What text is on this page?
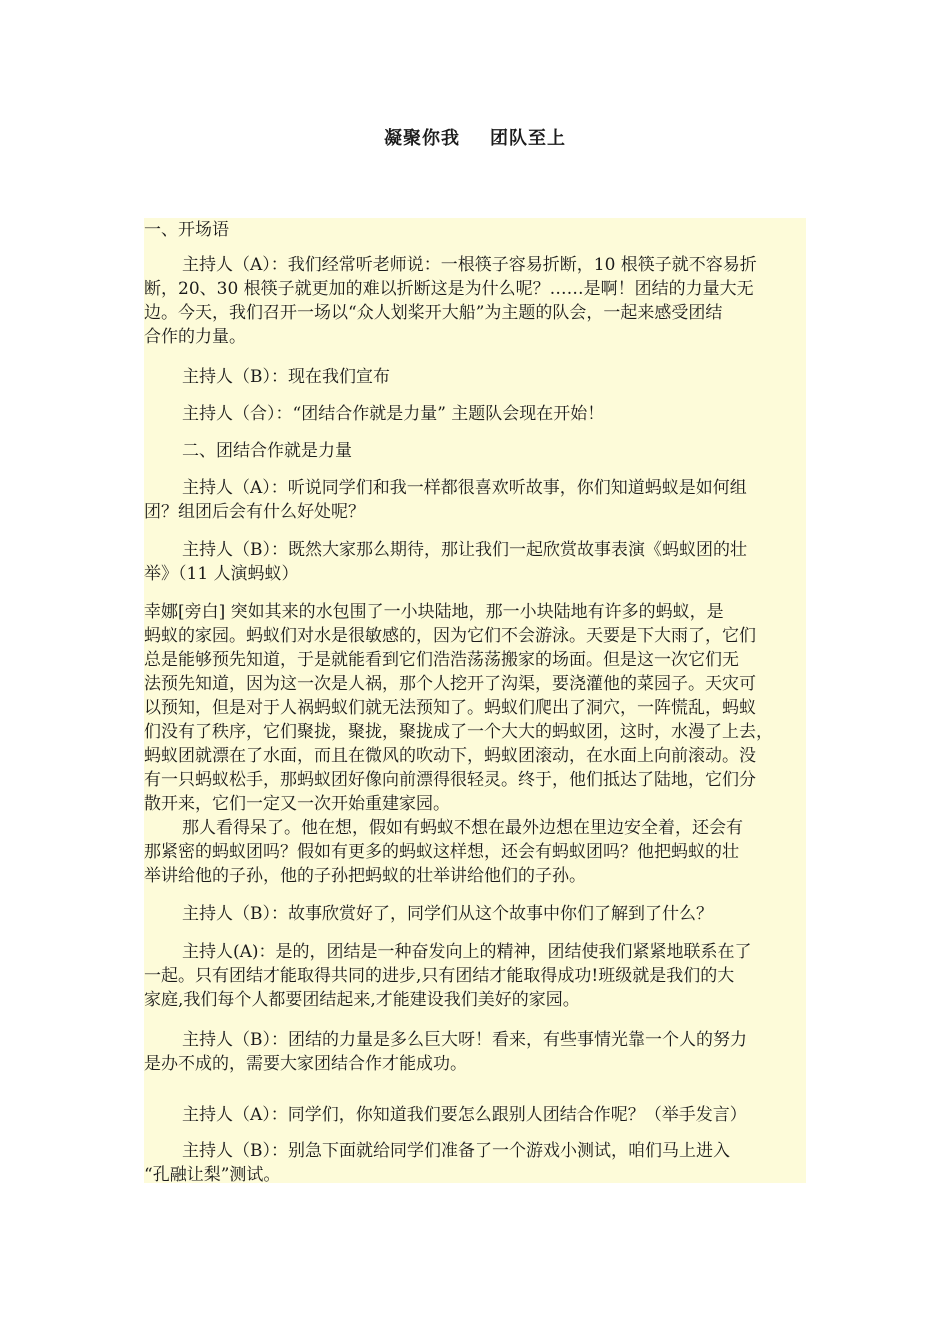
凝聚你我 团队至上
一、开场语
主持人（A）：我们经常听老师说：一根筷子容易折断，10 根筷子就不容易折
断，20、30 根筷子就更加的难以折断这是为什么呢？……是啊！团结的力量大无
边。今天，我们召开一场以“众人划桨开大船”为主题的队会，一起来感受团结
合作的力量。
主持人（B）：现在我们宣布
主持人（合）：“团结合作就是力量” 主题队会现在开始！
二、团结合作就是力量
主持人（A）：听说同学们和我一样都很喜欢听故事，你们知道蚂蚁是如何组
团？组团后会有什么好处呢？
主持人（B）：既然大家那么期待，那让我们一起欣赏故事表演《蚂蚁团的壮
举》（11 人演蚂蚁）
幸娜[旁白] 突如其来的水包围了一小块陆地，那一小块陆地有许多的蚂蚁，是
蚂蚁的家园。蚂蚁们对水是很敏感的，因为它们不会游泳。天要是下大雨了，它们
总是能够预先知道，于是就能看到它们浩浩荡荡搬家的场面。但是这一次它们无
法预先知道，因为这一次是人祸，那个人挖开了沟渠，要浇灌他的菜园子。天灾可
以预知，但是对于人祸蚂蚁们就无法预知了。蚂蚁们爬出了洞穴，一阵慌乱，蚂蚁
们没有了秩序，它们聚拢，聚拢，聚拢成了一个大大的蚂蚁团，这时，水漫了上去，
蚂蚁团就漂在了水面，而且在微风的吹动下，蚂蚁团滚动，在水面上向前滚动。没
有一只蚂蚁松手，那蚂蚁团好像向前漂得很轻灵。终于，他们抵达了陆地，它们分
散开来，它们一定又一次开始重建家园。
那人看得呆了。他在想，假如有蚂蚁不想在最外边想在里边安全着，还会有
那紧密的蚂蚁团吗？假如有更多的蚂蚁这样想，还会有蚂蚁团吗？他把蚂蚁的壮
举讲给他的子孙，他的子孙把蚂蚁的壮举讲给他们的子孙。
主持人（B）：故事欣赏好了，同学们从这个故事中你们了解到了什么？
主持人(A)：是的，团结是一种奋发向上的精神，团结使我们紧紧地联系在了
一起。只有团结才能取得共同的进步,只有团结才能取得成功!班级就是我们的大
家庭,我们每个人都要团结起来,才能建设我们美好的家园。
主持人（B）：团结的力量是多么巨大呀！看来，有些事情光靠一个人的努力
是办不成的，需要大家团结合作才能成功。
主持人（A）：同学们，你知道我们要怎么跟别人团结合作呢？（举手发言）
主持人（B）：别急下面就给同学们准备了一个游戏小测试，咱们马上进入
“孔融让梨”测试。
